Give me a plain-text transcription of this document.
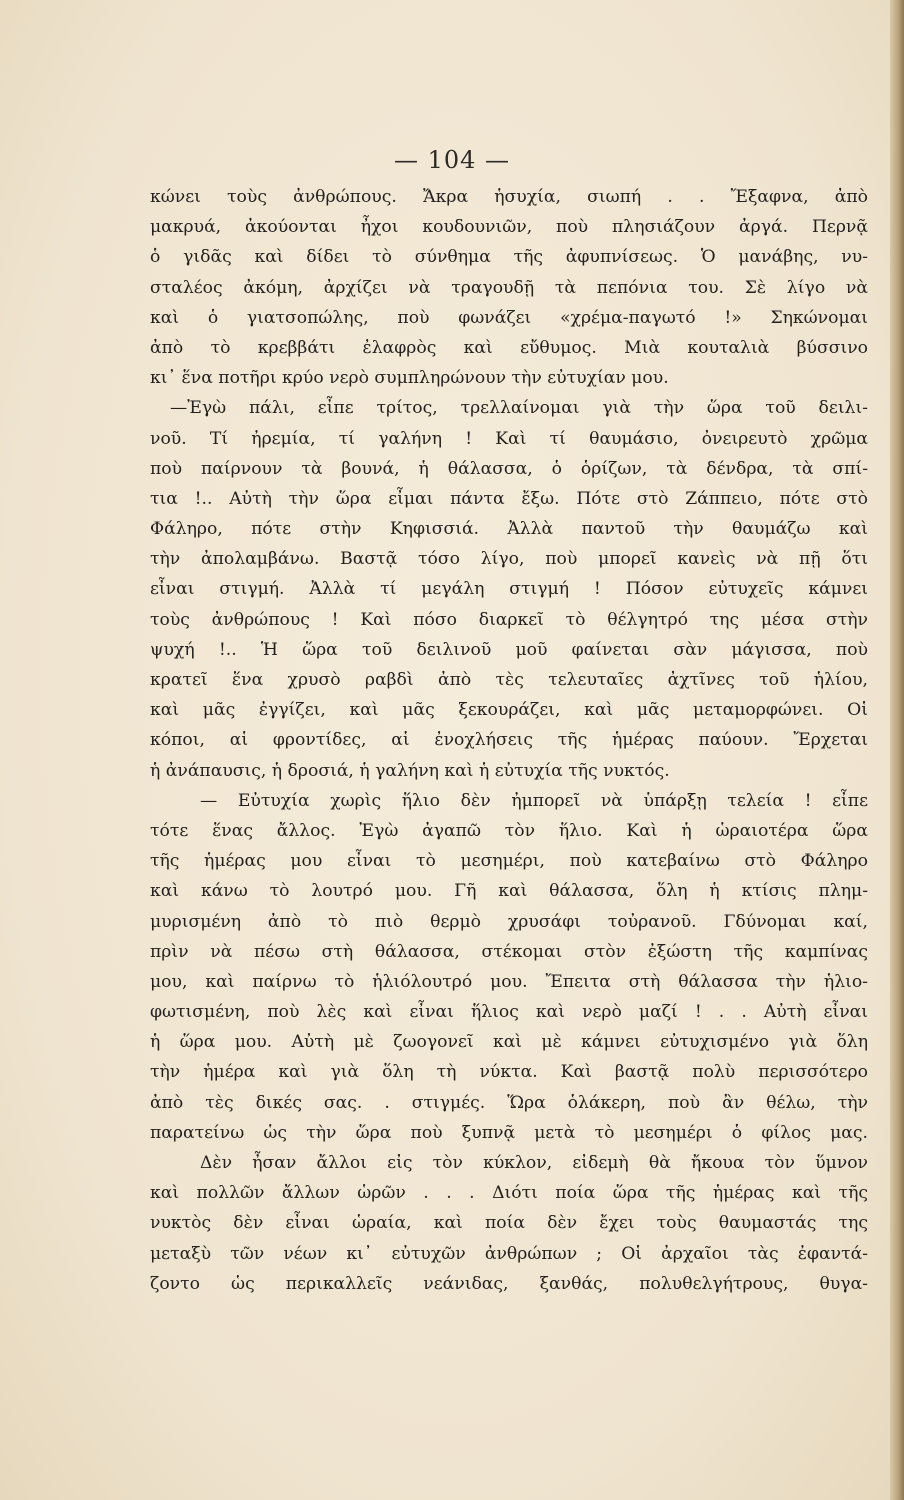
— 104 —
κώνει τοὺς ἀνθρώπους. Ἄκρα ἡσυχία, σιωπή . . Ἔξαφνα, ἀπὸ
μακρυά, ἀκούονται ἦχοι κουδουνιῶν, ποὺ πλησιάζουν ἀργά. Περνᾷ
ὁ γιδᾶς καὶ δίδει τὸ σύνθημα τῆς ἀφυπνίσεως. Ὁ μανάβης, νυ-
σταλέος ἀκόμη, ἀρχίζει νὰ τραγουδῇ τὰ πεπόνια του. Σὲ λίγο νὰ
καὶ ὁ γιατσοπώλης, ποὺ φωνάζει «χρέμα-παγωτό !» Σηκώνομαι
ἀπὸ τὸ κρεββάτι ἐλαφρὸς καὶ εὔθυμος. Μιὰ κουταλιὰ βύσσινο
κι᾿ ἕνα ποτῆρι κρύο νερὸ συμπληρώνουν τὴν εὐτυχίαν μου.
—Ἐγὼ πάλι, εἶπε τρίτος, τρελλαίνομαι γιὰ τὴν ὥρα τοῦ δειλι-
νοῦ. Τί ἠρεμία, τί γαλήνη ! Καὶ τί θαυμάσιο, ὀνειρευτὸ χρῶμα
ποὺ παίρνουν τὰ βουνά, ἡ θάλασσα, ὁ ὁρίζων, τὰ δένδρα, τὰ σπί-
τια !.. Αὐτὴ τὴν ὥρα εἶμαι πάντα ἔξω. Πότε στὸ Ζάππειο, πότε στὸ
Φάληρο, πότε στὴν Κηφισσιά. Ἀλλὰ παντοῦ τὴν θαυμάζω καὶ
τὴν ἀπολαμβάνω. Βαστᾷ τόσο λίγο, ποὺ μπορεῖ κανεὶς νὰ πῇ ὅτι
εἶναι στιγμή. Ἀλλὰ τί μεγάλη στιγμή ! Πόσον εὐτυχεῖς κάμνει
τοὺς ἀνθρώπους ! Καὶ πόσο διαρκεῖ τὸ θέλγητρό της μέσα στὴν
ψυχή !.. Ἡ ὥρα τοῦ δειλινοῦ μοῦ φαίνεται σὰν μάγισσα, ποὺ
κρατεῖ ἕνα χρυσὸ ραβδὶ ἀπὸ τὲς τελευταῖες ἀχτῖνες τοῦ ἡλίου,
καὶ μᾶς ἐγγίζει, καὶ μᾶς ξεκουράζει, καὶ μᾶς μεταμορφώνει. Οἱ
κόποι, αἱ φροντίδες, αἱ ἐνοχλήσεις τῆς ἡμέρας παύουν. Ἔρχεται
ἡ ἀνάπαυσις, ἡ δροσιά, ἡ γαλήνη καὶ ἡ εὐτυχία τῆς νυκτός.
— Εὐτυχία χωρὶς ἥλιο δὲν ἠμπορεῖ νὰ ὑπάρξῃ τελεία ! εἶπε
τότε ἕνας ἄλλος. Ἐγὼ ἀγαπῶ τὸν ἥλιο. Καὶ ἡ ὡραιοτέρα ὥρα
τῆς ἡμέρας μου εἶναι τὸ μεσημέρι, ποὺ κατεβαίνω στὸ Φάληρο
καὶ κάνω τὸ λουτρό μου. Γῆ καὶ θάλασσα, ὅλη ἡ κτίσις πλημ-
μυρισμένη ἀπὸ τὸ πιὸ θερμὸ χρυσάφι τοὐρανοῦ. Γδύνομαι καί,
πρὶν νὰ πέσω στὴ θάλασσα, στέκομαι στὸν ἐξώστη τῆς καμπίνας
μου, καὶ παίρνω τὸ ἡλιόλουτρό μου. Ἔπειτα στὴ θάλασσα τὴν ἡλιο-
φωτισμένη, ποὺ λὲς καὶ εἶναι ἥλιος καὶ νερὸ μαζί ! . . Αὐτὴ εἶναι
ἡ ὥρα μου. Αὐτὴ μὲ ζωογονεῖ καὶ μὲ κάμνει εὐτυχισμένο γιὰ ὅλη
τὴν ἡμέρα καὶ γιὰ ὅλη τὴ νύκτα. Καὶ βαστᾷ πολὺ περισσότερο
ἀπὸ τὲς δικές σας. . στιγμές. Ὥρα ὁλάκερη, ποὺ ἂν θέλω, τὴν
παρατείνω ὡς τὴν ὥρα ποὺ ξυπνᾷ μετὰ τὸ μεσημέρι ὁ φίλος μας.
Δὲν ἦσαν ἄλλοι εἰς τὸν κύκλον, εἰδεμὴ θὰ ἤκουα τὸν ὕμνον
καὶ πολλῶν ἄλλων ὡρῶν . . . Διότι ποία ὥρα τῆς ἡμέρας καὶ τῆς
νυκτὸς δὲν εἶναι ὡραία, καὶ ποία δὲν ἔχει τοὺς θαυμαστάς της
μεταξὺ τῶν νέων κι᾿ εὐτυχῶν ἀνθρώπων ; Οἱ ἀρχαῖοι τὰς ἐφαντά-
ζοντο ὡς περικαλλεῖς νεάνιδας, ξανθάς, πολυθελγήτρους, θυγα-
